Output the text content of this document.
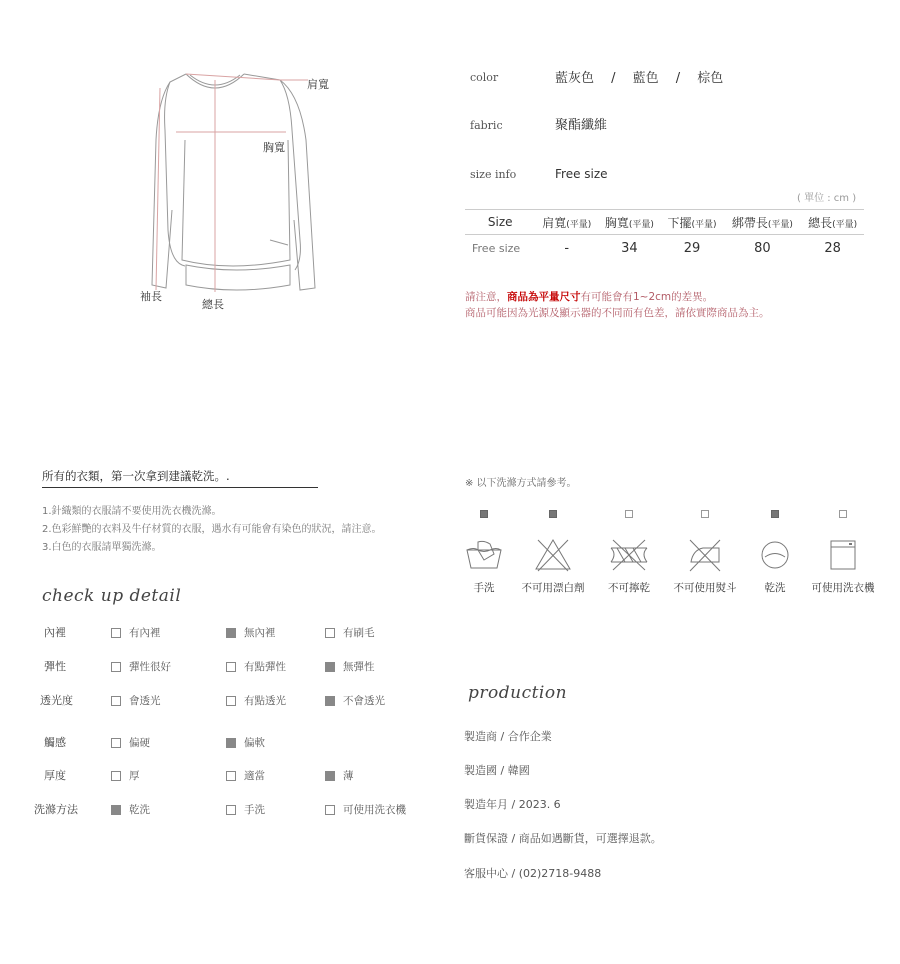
肩寬
胸寬
袖長
總長
color	藍灰色　 /　 藍色　 /　 棕色
fabric	聚酯纖維
size info	Free size
( 單位 : cm )
Size	肩寬(平量)	胸寬(平量)	下擺(平量)	綁帶長(平量)	總長(平量)
Free size	-	34	29	80	28
請注意，商品為平量尺寸有可能會有1~2cm的差異。
商品可能因為光源及顯示器的不同而有色差，請依實際商品為主。
所有的衣類，第一次拿到建議乾洗。.
1.針織類的衣服請不要使用洗衣機洗滌。
2.色彩鮮艷的衣料及牛仔材質的衣服，遇水有可能會有染色的狀況，請注意。
3.白色的衣服請單獨洗滌。
check up detail
內裡	有內裡	無內裡	有刷毛
彈性	彈性很好	有點彈性	無彈性
透光度	會透光	有點透光	不會透光
觸感	偏硬	偏軟
厚度	厚	適當	薄
洗滌方法	乾洗	手洗	可使用洗衣機
※ 以下洗滌方式請參考。
手洗	不可用漂白劑 不可擰乾 不可使用熨斗	乾洗 可使用洗衣機
production
製造商 / 合作企業
製造國 / 韓國
製造年月 / 2023. 6
斷貨保證 / 商品如遇斷貨，可選擇退款。
客服中心 / (02)2718-9488
